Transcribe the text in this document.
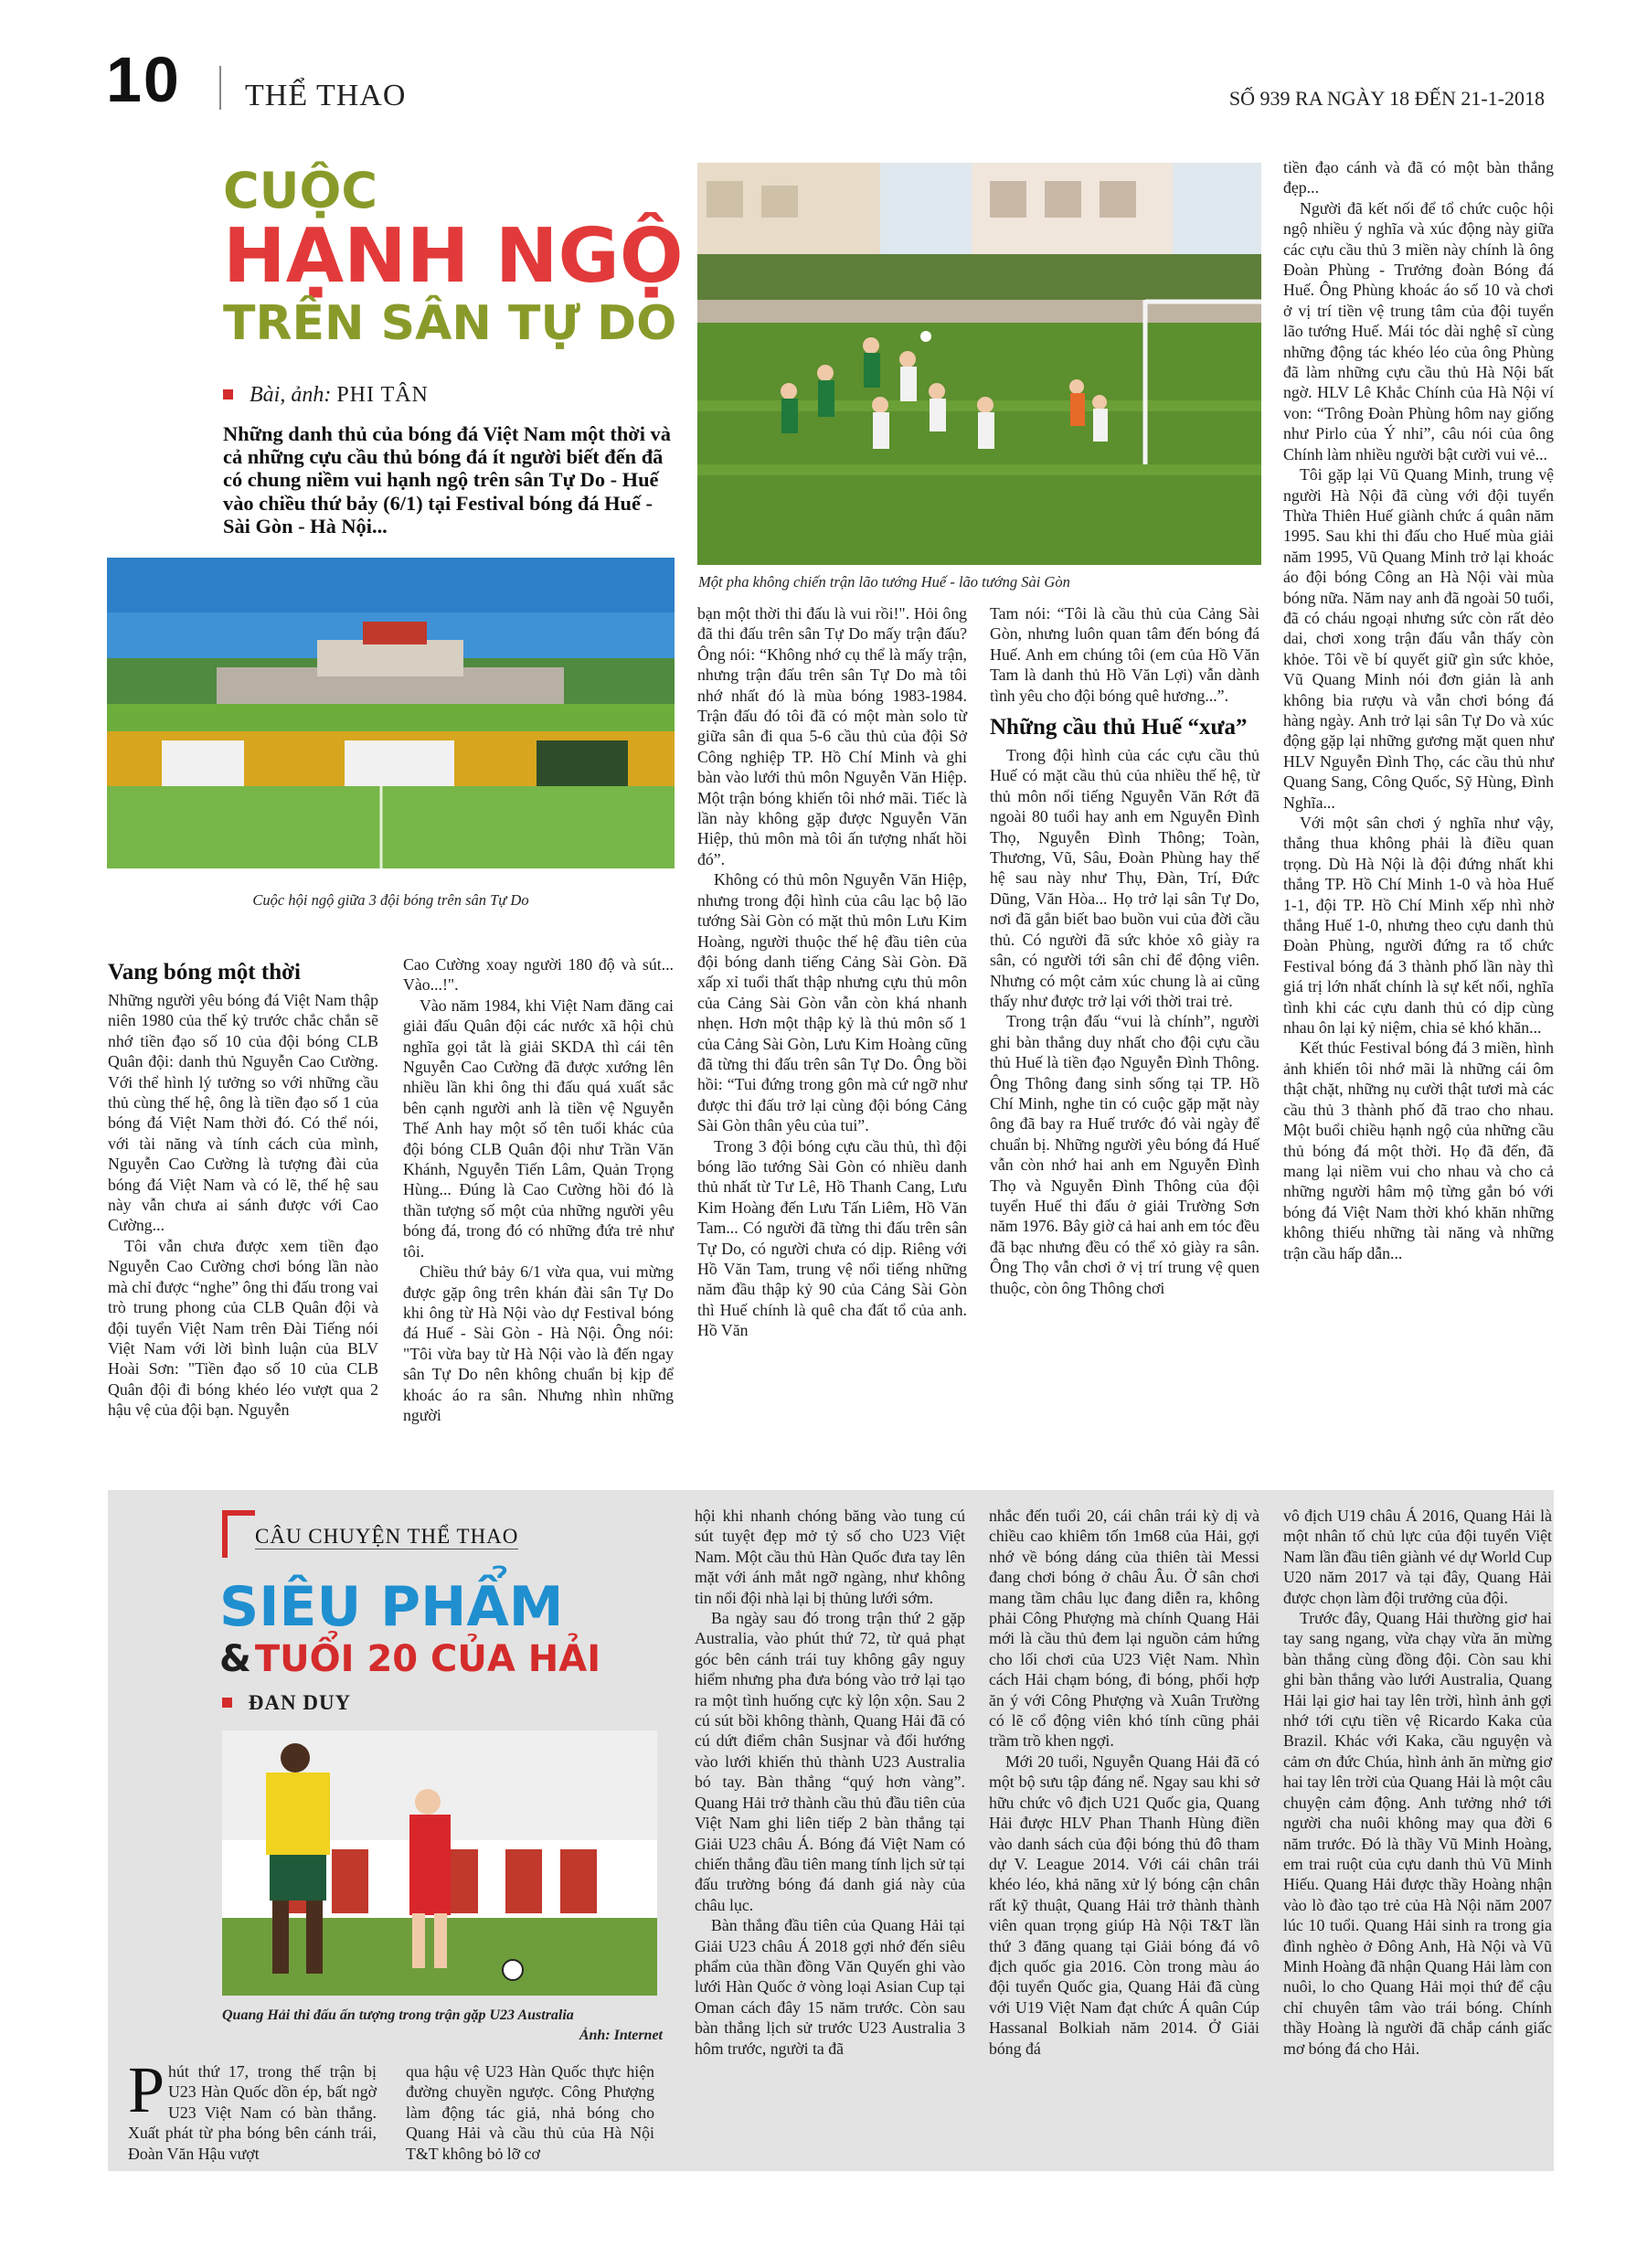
10 THỂ THAO	SỐ 939 RA NGÀY 18 ĐẾN 21-1-2018
CUỘC
HẠNH NGỘ
TRÊN SÂN TỰ DO
Bài, ảnh: PHI TÂN
Những danh thủ của bóng đá Việt Nam một thời và cả những cựu cầu thủ bóng đá ít người biết đến đã có chung niềm vui hạnh ngộ trên sân Tự Do - Huế vào chiều thứ bảy (6/1) tại Festival bóng đá Huế - Sài Gòn - Hà Nội...
Một pha không chiến trận lão tướng Huế - lão tướng Sài Gòn
Cuộc hội ngộ giữa 3 đội bóng trên sân Tự Do
Vang bóng một thời

Những người yêu bóng đá Việt Nam thập niên 1980 của thế kỷ trước chắc chắn sẽ nhớ tiền đạo số 10 của đội bóng CLB Quân đội: danh thủ Nguyễn Cao Cường. Với thể hình lý tưởng so với những cầu thủ cùng thế hệ, ông là tiền đạo số 1 của bóng đá Việt Nam thời đó. Có thể nói, với tài năng và tính cách của mình, Nguyễn Cao Cường là tượng đài của bóng đá Việt Nam và có lẽ, thế hệ sau này vẫn chưa ai sánh được với Cao Cường...

Tôi vẫn chưa được xem tiền đạo Nguyễn Cao Cường chơi bóng lần nào mà chỉ được “nghe” ông thi đấu trong vai trò trung phong của CLB Quân đội và đội tuyển Việt Nam trên Đài Tiếng nói Việt Nam với lời bình luận của BLV Hoài Sơn: "Tiền đạo số 10 của CLB Quân đội đi bóng khéo léo vượt qua 2 hậu vệ của đội bạn. Nguyễn

Cao Cường xoay người 180 độ và sút... Vào...!".

Vào năm 1984, khi Việt Nam đăng cai giải đấu Quân đội các nước xã hội chủ nghĩa gọi tắt là giải SKDA thì cái tên Nguyễn Cao Cường đã được xướng lên nhiều lần khi ông thi đấu quá xuất sắc bên cạnh người anh là tiền vệ Nguyễn Thế Anh hay một số tên tuổi khác của đội bóng CLB Quân đội như Trần Văn Khánh, Nguyễn Tiến Lâm, Quản Trọng Hùng... Đúng là Cao Cường hồi đó là thần tượng số một của những người yêu bóng đá, trong đó có những đứa trẻ như tôi.

Chiều thứ bảy 6/1 vừa qua, vui mừng được gặp ông trên khán đài sân Tự Do khi ông từ Hà Nội vào dự Festival bóng đá Huế - Sài Gòn - Hà Nội. Ông nói: "Tôi vừa bay từ Hà Nội vào là đến ngay sân Tự Do nên không chuẩn bị kịp để khoác áo ra sân. Nhưng nhìn những người

bạn một thời thi đấu là vui rồi!". Hỏi ông đã thi đấu trên sân Tự Do mấy trận đấu? Ông nói: “Không nhớ cụ thể là mấy trận, nhưng trận đấu trên sân Tự Do mà tôi nhớ nhất đó là mùa bóng 1983-1984. Trận đấu đó tôi đã có một màn solo từ giữa sân đi qua 5-6 cầu thủ của đội Sở Công nghiệp TP. Hồ Chí Minh và ghi bàn vào lưới thủ môn Nguyễn Văn Hiệp. Một trận bóng khiến tôi nhớ mãi. Tiếc là lần này không gặp được Nguyễn Văn Hiệp, thủ môn mà tôi ấn tượng nhất hồi đó”.

Không có thủ môn Nguyễn Văn Hiệp, nhưng trong đội hình của câu lạc bộ lão tướng Sài Gòn có mặt thủ môn Lưu Kim Hoàng, người thuộc thế hệ đầu tiên của đội bóng danh tiếng Cảng Sài Gòn. Đã xấp xỉ tuổi thất thập nhưng cựu thủ môn của Cảng Sài Gòn vẫn còn khá nhanh nhẹn. Hơn một thập kỷ là thủ môn số 1 của Cảng Sài Gòn, Lưu Kim Hoàng cũng đã từng thi đấu trên sân Tự Do. Ông bồi hồi: “Tui đứng trong gôn mà cứ ngỡ như được thi đấu trở lại cùng đội bóng Cảng Sài Gòn thân yêu của tui”.

Trong 3 đội bóng cựu cầu thủ, thì đội bóng lão tướng Sài Gòn có nhiều danh thủ nhất từ Tư Lê, Hồ Thanh Cang, Lưu Kim Hoàng đến Lưu Tấn Liêm, Hồ Văn Tam... Có người đã từng thi đấu trên sân Tự Do, có người chưa có dịp. Riêng với Hồ Văn Tam, trung vệ nổi tiếng những năm đầu thập kỷ 90 của Cảng Sài Gòn thì Huế chính là quê cha đất tổ của anh. Hồ Văn

Tam nói: “Tôi là cầu thủ của Cảng Sài Gòn, nhưng luôn quan tâm đến bóng đá Huế. Anh em chúng tôi (em của Hồ Văn Tam là danh thủ Hồ Văn Lợi) vẫn dành tình yêu cho đội bóng quê hương...”.

Những cầu thủ Huế “xưa”

Trong đội hình của các cựu cầu thủ Huế có mặt cầu thủ của nhiều thế hệ, từ thủ môn nổi tiếng Nguyễn Văn Rớt đã ngoài 80 tuổi hay anh em Nguyễn Đình Thọ, Nguyễn Đình Thông; Toàn, Thương, Vũ, Sâu, Đoàn Phùng hay thế hệ sau này như Thụ, Đàn, Trí, Đức Dũng, Văn Hòa... Họ trở lại sân Tự Do, nơi đã gắn biết bao buồn vui của đời cầu thủ. Có người đã sức khỏe xô giày ra sân, có người tới sân chỉ để động viên. Nhưng có một cảm xúc chung là ai cũng thấy như được trở lại với thời trai trẻ.

Trong trận đấu “vui là chính”, người ghi bàn thắng duy nhất cho đội cựu cầu thủ Huế là tiền đạo Nguyễn Đình Thông. Ông Thông đang sinh sống tại TP. Hồ Chí Minh, nghe tin có cuộc gặp mặt này ông đã bay ra Huế trước đó vài ngày để chuẩn bị. Những người yêu bóng đá Huế vẫn còn nhớ hai anh em Nguyễn Đình Thọ và Nguyễn Đình Thông của đội tuyển Huế thi đấu ở giải Trường Sơn năm 1976. Bây giờ cả hai anh em tóc đều đã bạc nhưng đều có thể xỏ giày ra sân. Ông Thọ vẫn chơi ở vị trí trung vệ quen thuộc, còn ông Thông chơi

tiền đạo cánh và đã có một bàn thắng đẹp...

Người đã kết nối để tổ chức cuộc hội ngộ nhiều ý nghĩa và xúc động này giữa các cựu cầu thủ 3 miền này chính là ông Đoàn Phùng - Trưởng đoàn Bóng đá Huế. Ông Phùng khoác áo số 10 và chơi ở vị trí tiền vệ trung tâm của đội tuyển lão tướng Huế. Mái tóc dài nghệ sĩ cùng những động tác khéo léo của ông Phùng đã làm những cựu cầu thủ Hà Nội bất ngờ. HLV Lê Khắc Chính của Hà Nội ví von: “Trông Đoàn Phùng hôm nay giống như Pirlo của Ý nhỉ”, câu nói của ông Chính làm nhiều người bật cười vui vẻ...

Tôi gặp lại Vũ Quang Minh, trung vệ người Hà Nội đã cùng với đội tuyển Thừa Thiên Huế giành chức á quân năm 1995. Sau khi thi đấu cho Huế mùa giải năm 1995, Vũ Quang Minh trở lại khoác áo đội bóng Công an Hà Nội vài mùa bóng nữa. Năm nay anh đã ngoài 50 tuổi, đã có cháu ngoại nhưng sức còn rất dẻo dai, chơi xong trận đấu vẫn thấy còn khỏe. Tôi về bí quyết giữ gìn sức khỏe, Vũ Quang Minh nói đơn giản là anh không bia rượu và vẫn chơi bóng đá hàng ngày. Anh trở lại sân Tự Do và xúc động gặp lại những gương mặt quen như HLV Nguyễn Đình Thọ, các cầu thủ như Quang Sang, Công Quốc, Sỹ Hùng, Đình Nghĩa...

Với một sân chơi ý nghĩa như vậy, thắng thua không phải là điều quan trọng. Dù Hà Nội là đội đứng nhất khi thắng TP. Hồ Chí Minh 1-0 và hòa Huế 1-1, đội TP. Hồ Chí Minh xếp nhì nhờ thắng Huế 1-0, nhưng theo cựu danh thủ Đoàn Phùng, người đứng ra tổ chức Festival bóng đá 3 thành phố lần này thì giá trị lớn nhất chính là sự kết nối, nghĩa tình khi các cựu danh thủ có dịp cùng nhau ôn lại kỷ niệm, chia sẻ khó khăn...

Kết thúc Festival bóng đá 3 miền, hình ảnh khiến tôi nhớ mãi là những cái ôm thật chặt, những nụ cười thật tươi mà các cầu thủ 3 thành phố đã trao cho nhau. Một buổi chiều hạnh ngộ của những cầu thủ bóng đá một thời. Họ đã đến, đã mang lại niềm vui cho nhau và cho cả những người hâm mộ từng gắn bó với bóng đá Việt Nam thời khó khăn những không thiếu những tài năng và những trận cầu hấp dẫn...

CÂU CHUYỆN THỂ THAO
SIÊU PHẨM
& TUỔI 20 CỦA HẢI
ĐAN DUY
Quang Hải thi đấu ấn tượng trong trận gặp U23 Australia
Ảnh: Internet

P hút thứ 17, trong thế trận bị U23 Hàn Quốc dồn ép, bất ngờ U23 Việt Nam có bàn thắng. Xuất phát từ pha bóng bên cánh trái, Đoàn Văn Hậu vượt

qua hậu vệ U23 Hàn Quốc thực hiện đường chuyền ngược. Công Phượng làm động tác giả, nhả bóng cho Quang Hải và cầu thủ của Hà Nội T&T không bỏ lỡ cơ

hội khi nhanh chóng băng vào tung cú sút tuyệt đẹp mở tỷ số cho U23 Việt Nam. Một cầu thủ Hàn Quốc đưa tay lên mặt với ánh mắt ngỡ ngàng, như không tin nổi đội nhà lại bị thủng lưới sớm.

Ba ngày sau đó trong trận thứ 2 gặp Australia, vào phút thứ 72, từ quả phạt góc bên cánh trái tuy không gây nguy hiểm nhưng pha đưa bóng vào trở lại tạo ra một tình huống cực kỳ lộn xộn. Sau 2 cú sút bồi không thành, Quang Hải đã có cú dứt điểm chân Susjnar và đổi hướng vào lưới khiến thủ thành U23 Australia bó tay. Bàn thắng “quý hơn vàng”. Quang Hải trở thành cầu thủ đầu tiên của Việt Nam ghi liên tiếp 2 bàn thắng tại Giải U23 châu Á. Bóng đá Việt Nam có chiến thắng đầu tiên mang tính lịch sử tại đấu trường bóng đá danh giá này của châu lục.

Bàn thắng đầu tiên của Quang Hải tại Giải U23 châu Á 2018 gợi nhớ đến siêu phẩm của thần đồng Văn Quyến ghi vào lưới Hàn Quốc ở vòng loại Asian Cup tại Oman cách đây 15 năm trước. Còn sau bàn thắng lịch sử trước U23 Australia 3 hôm trước, người ta đã

nhắc đến tuổi 20, cái chân trái kỳ dị và chiều cao khiêm tốn 1m68 của Hải, gợi nhớ về bóng dáng của thiên tài Messi đang chơi bóng ở châu Âu. Ở sân chơi mang tầm châu lục đang diễn ra, không phải Công Phượng mà chính Quang Hải mới là cầu thủ đem lại nguồn cảm hứng cho lối chơi của U23 Việt Nam. Nhìn cách Hải chạm bóng, đi bóng, phối hợp ăn ý với Công Phượng và Xuân Trường có lẽ cổ động viên khó tính cũng phải trầm trồ khen ngợi.

Mới 20 tuổi, Nguyễn Quang Hải đã có một bộ sưu tập đáng nể. Ngay sau khi sở hữu chức vô địch U21 Quốc gia, Quang Hải được HLV Phan Thanh Hùng điền vào danh sách của đội bóng thủ đô tham dự V. League 2014. Với cái chân trái khéo léo, khả năng xử lý bóng cận chân rất kỹ thuật, Quang Hải trở thành thành viên quan trọng giúp Hà Nội T&T lần thứ 3 đăng quang tại Giải bóng đá vô địch quốc gia 2016. Còn trong màu áo đội tuyển Quốc gia, Quang Hải đã cùng với U19 Việt Nam đạt chức Á quân Cúp Hassanal Bolkiah năm 2014. Ở Giải bóng đá

vô địch U19 châu Á 2016, Quang Hải là một nhân tố chủ lực của đội tuyển Việt Nam lần đầu tiên giành vé dự World Cup U20 năm 2017 và tại đây, Quang Hải được chọn làm đội trưởng của đội.

Trước đây, Quang Hải thường giơ hai tay sang ngang, vừa chạy vừa ăn mừng bàn thắng cùng đồng đội. Còn sau khi ghi bàn thắng vào lưới Australia, Quang Hải lại giơ hai tay lên trời, hình ảnh gợi nhớ tới cựu tiền vệ Ricardo Kaka của Brazil. Khác với Kaka, cầu nguyện và cảm ơn đức Chúa, hình ảnh ăn mừng giơ hai tay lên trời của Quang Hải là một câu chuyện cảm động. Anh tưởng nhớ tới người cha nuôi không may qua đời 6 năm trước. Đó là thầy Vũ Minh Hoàng, em trai ruột của cựu danh thủ Vũ Minh Hiếu. Quang Hải được thầy Hoàng nhận vào lò đào tạo trẻ của Hà Nội năm 2007 lúc 10 tuổi. Quang Hải sinh ra trong gia đình nghèo ở Đông Anh, Hà Nội và Vũ Minh Hoàng đã nhận Quang Hải làm con nuôi, lo cho Quang Hải mọi thứ để cậu chỉ chuyên tâm vào trái bóng. Chính thầy Hoàng là người đã chắp cánh giấc mơ bóng đá cho Hải.
